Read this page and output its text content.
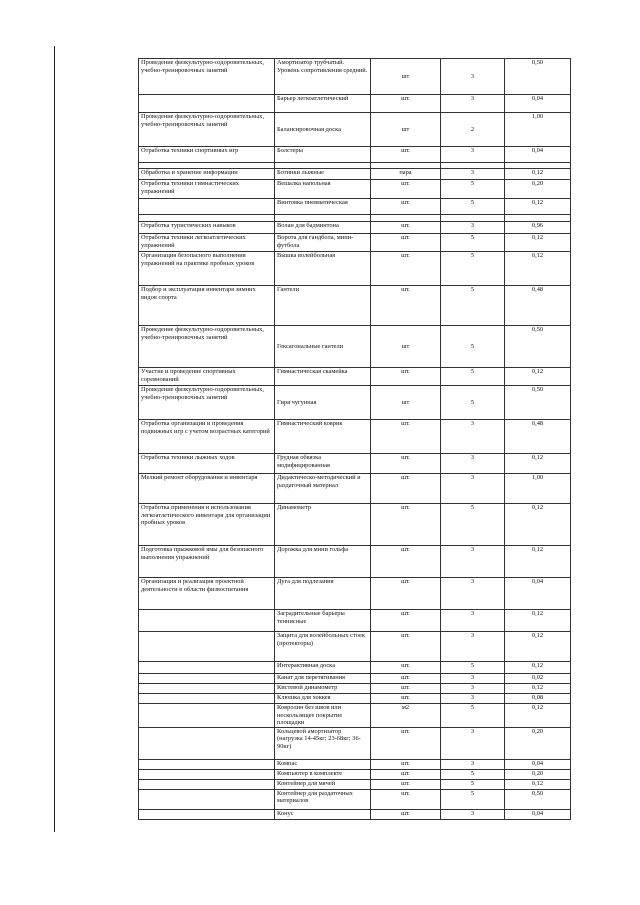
Проведение физкультурно-оздоровительных, учебно-тренировочных занятий	Амортизатор трубчатый. Уровень сопротивления средний.	шт	3	0,50
	Барьер легкоатлетический	шт.	3	0,04
Проведение физкультурно-оздоровительных, учебно-тренировочных занятий	Балансировочная доска	шт	2	1,00
Отработка техники спортивных игр	Болстеры	шт.	3	0,04

Обработка и хранение информации	Ботинки лыжные	пара	3	0,12
Отработка техники гимнастических упражнений	Вешалка напольная	шт.	5	0,20
	Винтовка пневматическая	шт.	5	0,12

Отработка туристических навыков	Волан для бадминтона	шт.	3	0,96
Отработка техники легкоатлетических упражнений	Ворота для гандбола, мини-футбола	шт.	5	0,12
Организация безопасного выполнения упражнений на практике пробных уроков	Вышка волейбольная	шт.	5	0,12
Подбор и эксплуатация инвентаря зимних видов спорта	Гантели	шт.	5	0,48
Проведение физкультурно-оздоровительных, учебно-тренировочных занятий	Гексагональные гантели	шт	5	0,50
Участие и проведение спортивных соревнований	Гимнастическая скамейка	шт.	5	0,12
Проведение физкультурно-оздоровительных, учебно-тренировочных занятий	Гиря чугунная	шт	5	0,50
Отработка организации и проведения подвижных игр с учетом возрастных категорий	Гимнастический коврик	шт.	3	0,48
Отработка техники лыжных ходов	Грудная обвязка модифицированная	шт.	3	0,12
Мелкий ремонт оборудования и инвентаря	Дидактическо-методический и раздаточный материал	шт.	3	1,00
Отработка применения и использования легкоатлетического инвентаря для организации пробных уроков	Динамометр	шт.	5	0,12
Подготовка прыжковой ямы для безопасного выполнения упражнений	Дорожка для мини гольфа	шт.	3	0,12
Организация и реализация проектной деятельности в области физвоспитания	Дуга для подлезания	шт.	3	0,04
	Заградительные барьеры теннисные	шт.	3	0,12
	Защита для волейбольных стоек (протекторы)	шт.	3	0,12
	Интерактивная доска	шт.	5	0,12
	Канат для перетягивания	шт.	3	0,02
	Кистевой динамометр	шт.	3	0,12
	Клюшка для хоккея	шт.	3	0,08
	Ковролин без швов или нескользящее покрытие площадки	м2	5	0,12
	Кольцевой амортизатор (нагрузка 14-45кг; 23-68кг; 36-90кг)	шт.	3	0,20
	Компас	шт.	3	0,04
	Компьютер в комплекте	шт.	5	0,20
	Контейнер для мячей	шт.	5	0,12
	Контейнер для раздаточных материалов	шт.	5	0,50
	Конус	шт.	3	0,04
